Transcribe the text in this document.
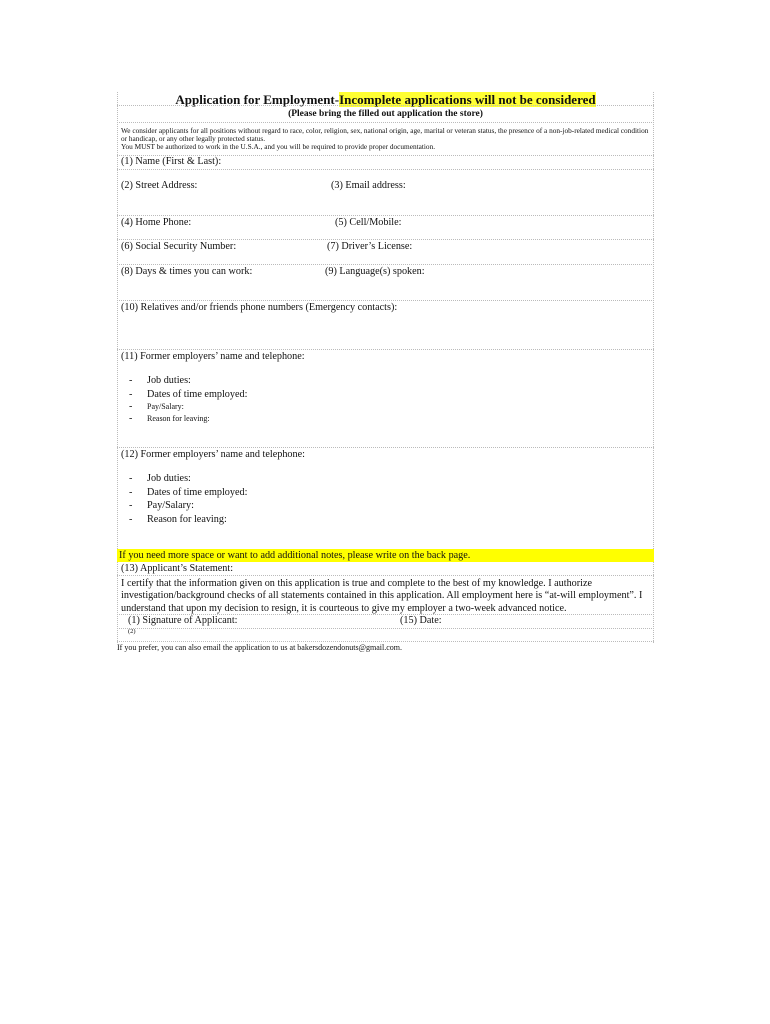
Application for Employment-Incomplete applications will not be considered
(Please bring the filled out application the store)
We consider applicants for all positions without regard to race, color, religion, sex, national origin, age, marital or veteran status, the presence of a non-job-related medical condition or handicap, or any other legally protected status.
You MUST be authorized to work in the U.S.A., and you will be required to provide proper documentation.
(1) Name (First & Last):
(2) Street Address:	(3) Email address:
(4) Home Phone:	(5) Cell/Mobile:
(6) Social Security Number:	(7) Driver’s License:
(8) Days & times you can work:	(9) Language(s) spoken:
(10) Relatives and/or friends phone numbers (Emergency contacts):
(11) Former employers’ name and telephone:
- Job duties:
- Dates of time employed:
- Pay/Salary:
- Reason for leaving:
(12) Former employers’ name and telephone:
- Job duties:
- Dates of time employed:
- Pay/Salary:
- Reason for leaving:
If you need more space or want to add additional notes, please write on the back page.
(13) Applicant’s Statement:
I certify that the information given on this application is true and complete to the best of my knowledge. I authorize investigation/background checks of all statements contained in this application. All employment here is “at-will employment”. I understand that upon my decision to resign, it is courteous to give my employer a two-week advanced notice.
(1) Signature of Applicant:	(15) Date:
(2)
If you prefer, you can also email the application to us at bakersdozendonuts@gmail.com.
